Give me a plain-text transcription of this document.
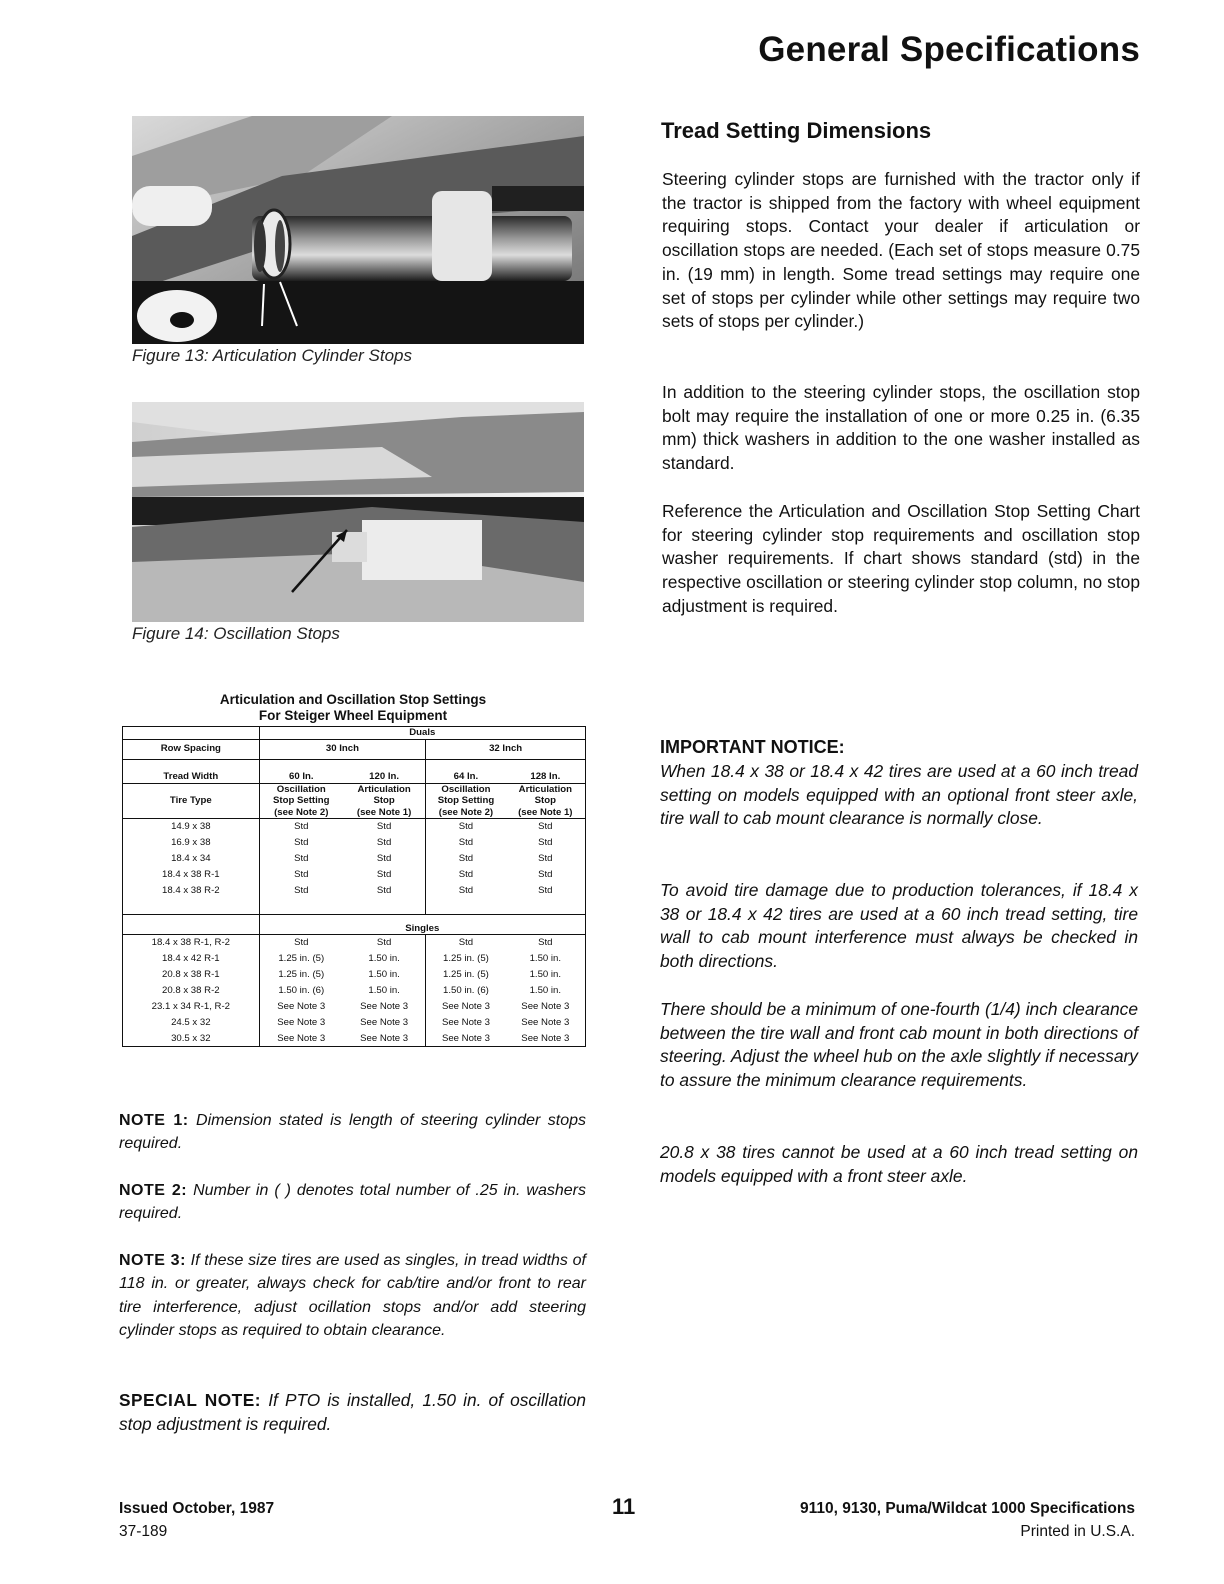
General Specifications
Figure 13: Articulation Cylinder Stops
Figure 14: Oscillation Stops
Tread Setting Dimensions

Steering cylinder stops are furnished with the tractor only if the tractor is shipped from the factory with wheel equipment requiring stops. Contact your dealer if articulation or oscillation stops are needed. (Each set of stops measure 0.75 in. (19 mm) in length. Some tread settings may require one set of stops per cylinder while other settings may require two sets of stops per cylinder.)

In addition to the steering cylinder stops, the oscillation stop bolt may require the installation of one or more 0.25 in. (6.35 mm) thick washers in addition to the one washer installed as standard.

Reference the Articulation and Oscillation Stop Setting Chart for steering cylinder stop requirements and oscillation stop washer requirements. If chart shows standard (std) in the respective oscillation or steering cylinder stop column, no stop adjustment is required.

Articulation and Oscillation Stop Settings
For Steiger Wheel Equipment
	Duals			
Row Spacing	30 Inch		32 Inch	
Tread Width	60 In.	120 In.	64 In.	128 In.
Tire Type	Oscillation	Articulation	Oscillation	Articulation
	Stop Setting	Stop	Stop Setting	Stop
	(see Note 2)	(see Note 1)	(see Note 2)	(see Note 1)
14.9 x 38	Std	Std	Std	Std
16.9 x 38	Std	Std	Std	Std
18.4 x 34	Std	Std	Std	Std
18.4 x 38 R-1	Std	Std	Std	Std
18.4 x 38 R-2	Std	Std	Std	Std

	Singles			
18.4 x 38 R-1, R-2	Std	Std	Std	Std
18.4 x 42 R-1	1.25 in. (5)	1.50 in.	1.25 in. (5)	1.50 in.
20.8 x 38 R-1	1.25 in. (5)	1.50 in.	1.25 in. (5)	1.50 in.
20.8 x 38 R-2	1.50 in. (6)	1.50 in.	1.50 in. (6)	1.50 in.
23.1 x 34 R-1, R-2	See Note 3	See Note 3	See Note 3	See Note 3
24.5 x 32	See Note 3	See Note 3	See Note 3	See Note 3
30.5 x 32	See Note 3	See Note 3	See Note 3	See Note 3

NOTE 1: Dimension stated is length of steering cylinder stops required.

NOTE 2: Number in ( ) denotes total number of .25 in. washers required.

NOTE 3: If these size tires are used as singles, in tread widths of 118 in. or greater, always check for cab/tire and/or front to rear tire interference, adjust ocillation stops and/or add steering cylinder stops as required to obtain clearance.

SPECIAL NOTE: If PTO is installed, 1.50 in. of oscillation stop adjustment is required.

IMPORTANT NOTICE:

When 18.4 x 38 or 18.4 x 42 tires are used at a 60 inch tread setting on models equipped with an optional front steer axle, tire wall to cab mount clearance is normally close.

To avoid tire damage due to production tolerances, if 18.4 x 38 or 18.4 x 42 tires are used at a 60 inch tread setting, tire wall to cab mount interference must always be checked in both directions.

There should be a minimum of one-fourth (1/4) inch clearance between the tire wall and front cab mount in both directions of steering. Adjust the wheel hub on the axle slightly if necessary to assure the minimum clearance requirements.

20.8 x 38 tires cannot be used at a 60 inch tread setting on models equipped with a front steer axle.

Issued October, 1987
37-189
11	9110, 9130, Puma/Wildcat 1000 Specifications
Printed in U.S.A.
